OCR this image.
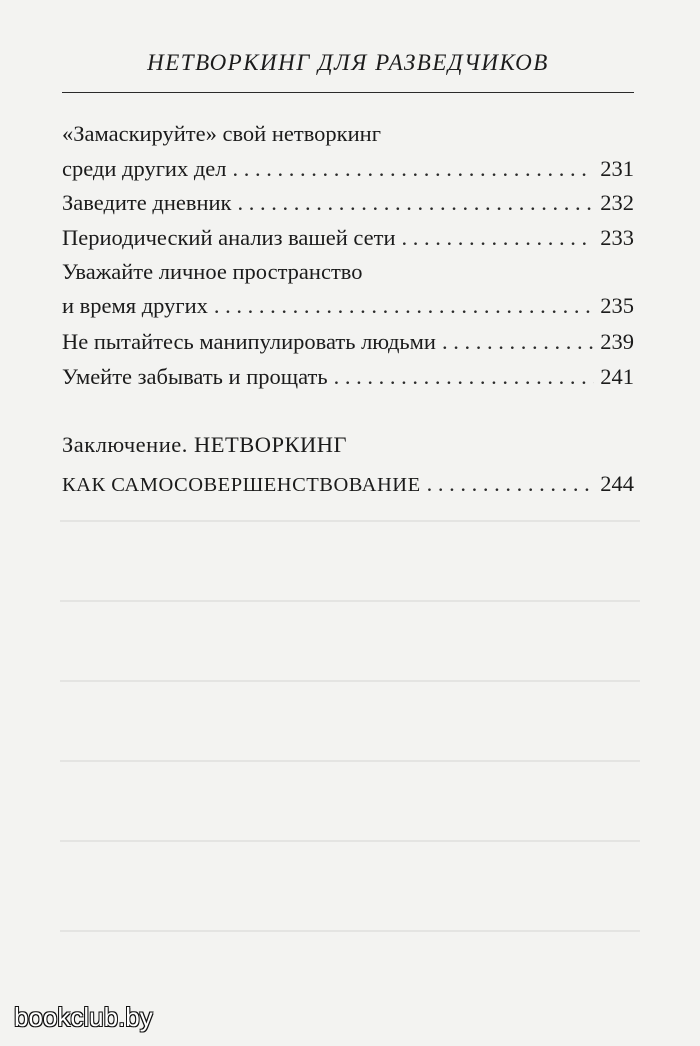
НЕТВОРКИНГ ДЛЯ РАЗВЕДЧИКОВ
«Замаскируйте» свой нетворкинг
среди других дел . . .	231
Заведите дневник . . .	232
Периодический анализ вашей сети . . .	233
Уважайте личное пространство
и время других . . .	235
Не пытайтесь манипулировать людьми . . .	239
Умейте забывать и прощать . . .	241
Заключение. НЕТВОРКИНГ
КАК САМОСОВЕРШЕНСТВОВАНИЕ . . .	244
bookclub.by
